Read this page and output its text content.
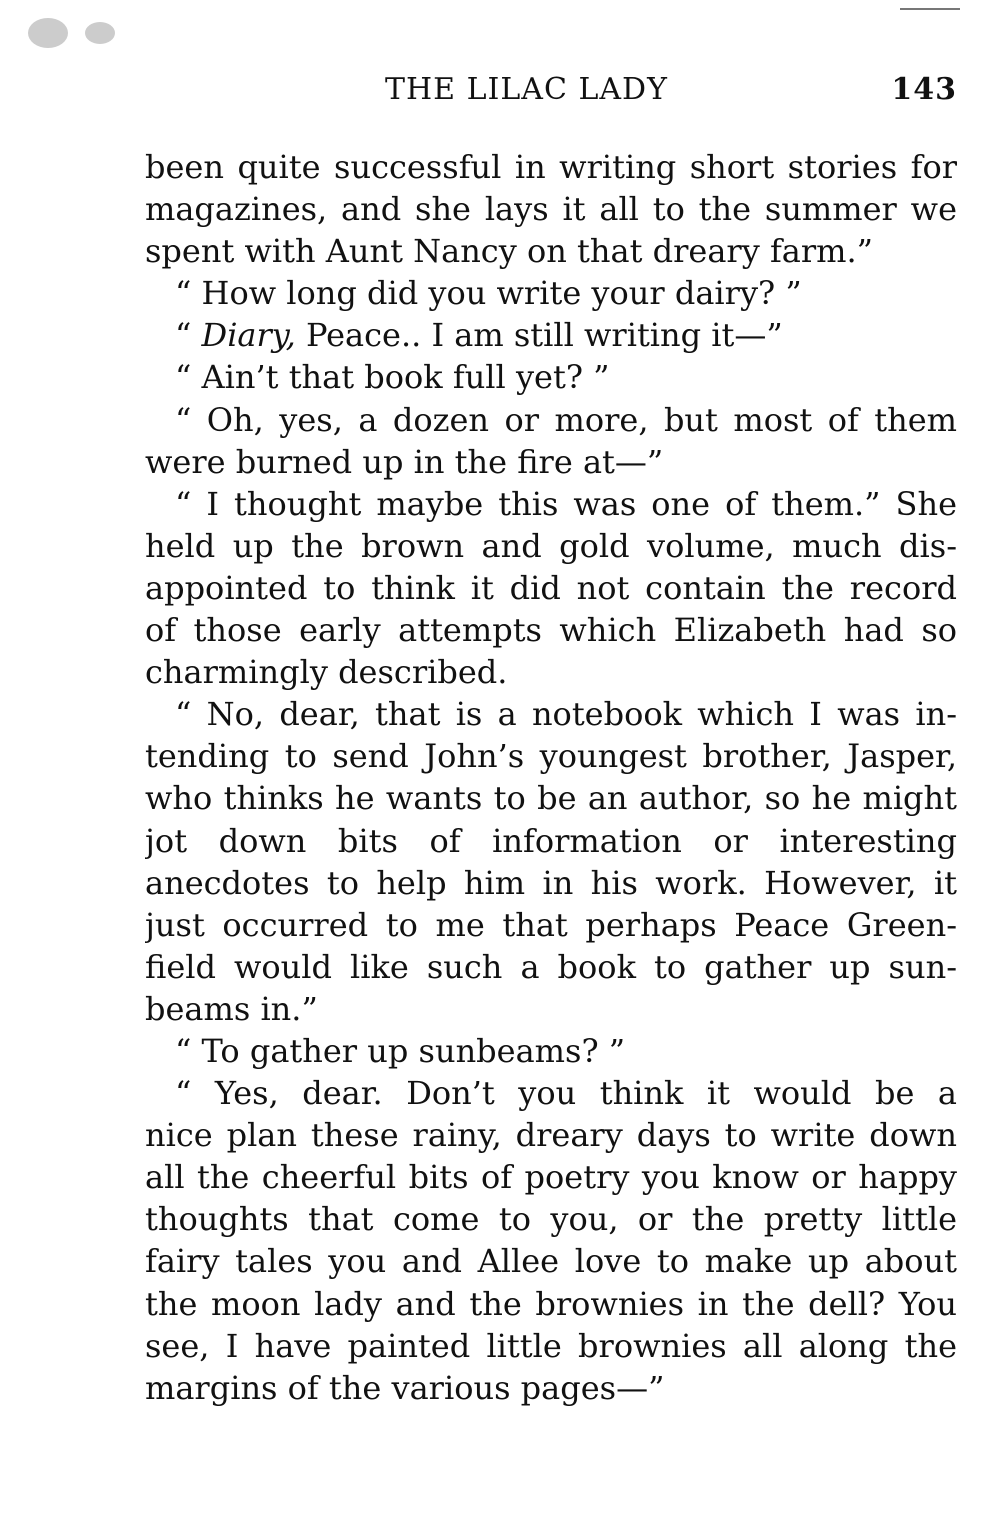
THE LILAC LADY	143
been quite successful in writing short stories for
magazines, and she lays it all to the summer we
spent with Aunt Nancy on that dreary farm.”
“ How long did you write your dairy? ”
“ Diary, Peace.. I am still writing it—”
“ Ain’t that book full yet? ”
“ Oh, yes, a dozen or more, but most of them
were burned up in the fire at—”
“ I thought maybe this was one of them.” She
held up the brown and gold volume, much dis-
appointed to think it did not contain the record
of those early attempts which Elizabeth had so
charmingly described.
“ No, dear, that is a notebook which I was in-
tending to send John’s youngest brother, Jasper,
who thinks he wants to be an author, so he might
jot down bits of information or interesting
anecdotes to help him in his work. However, it
just occurred to me that perhaps Peace Green-
field would like such a book to gather up sun-
beams in.”
“ To gather up sunbeams? ”
“ Yes, dear. Don’t you think it would be a
nice plan these rainy, dreary days to write down
all the cheerful bits of poetry you know or happy
thoughts that come to you, or the pretty little
fairy tales you and Allee love to make up about
the moon lady and the brownies in the dell? You
see, I have painted little brownies all along the
margins of the various pages—”
